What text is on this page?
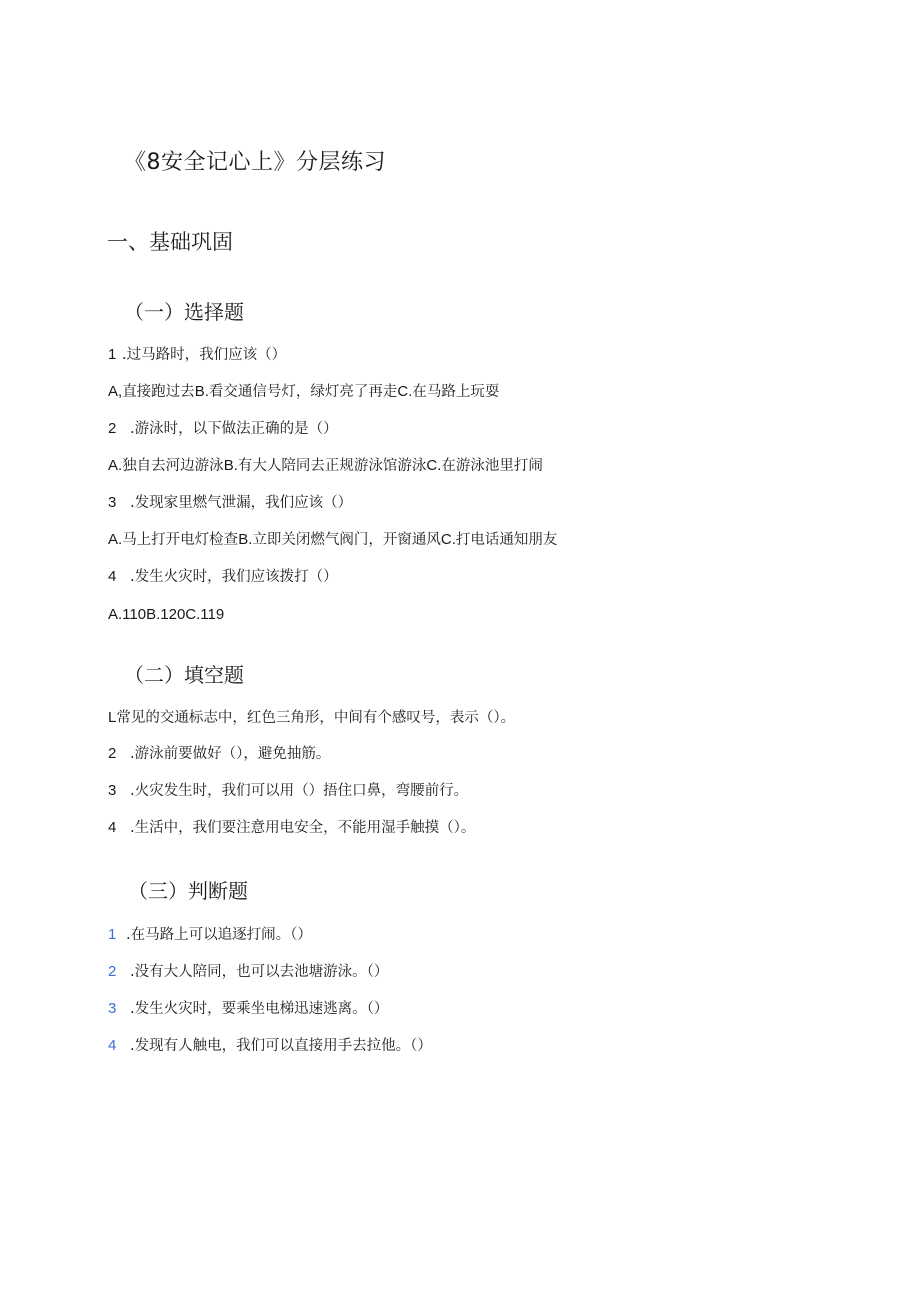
《8安全记心上》分层练习
一、基础巩固
（一）选择题
1 .过马路时，我们应该（）
A,直接跑过去B.看交通信号灯，绿灯亮了再走C.在马路上玩耍
2 .游泳时，以下做法正确的是（）
A.独自去河边游泳B.有大人陪同去正规游泳馆游泳C.在游泳池里打闹
3 .发现家里燃气泄漏，我们应该（）
A.马上打开电灯检查B.立即关闭燃气阀门，开窗通风C.打电话通知朋友
4 .发生火灾时，我们应该拨打（）
A.110B.120C.119
（二）填空题
L常见的交通标志中，红色三角形，中间有个感叹号，表示（）。
2 .游泳前要做好（），避免抽筋。
3 .火灾发生时，我们可以用（）捂住口鼻，弯腰前行。
4 .生活中，我们要注意用电安全，不能用湿手触摸（）。
（三）判断题
1 .在马路上可以追逐打闹。（）
2 .没有大人陪同，也可以去池塘游泳。（）
3 .发生火灾时，要乘坐电梯迅速逃离。（）
4 .发现有人触电，我们可以直接用手去拉他。（）
